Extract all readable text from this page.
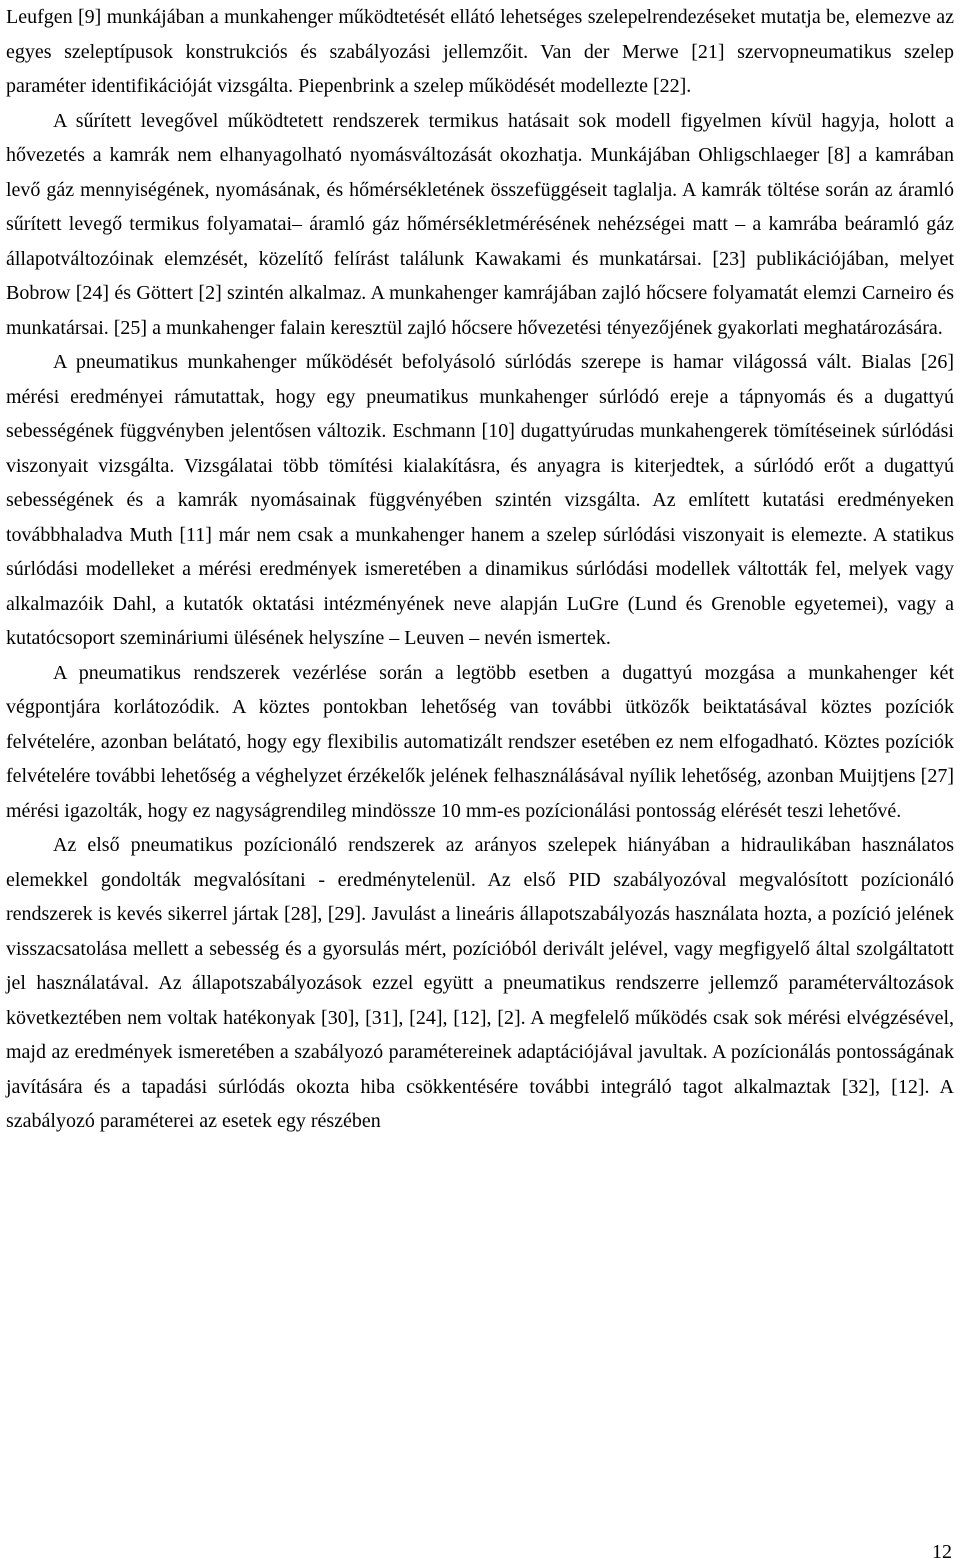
Leufgen [9] munkájában a munkahenger működtetését ellátó lehetséges szelepelrendezéseket mutatja be, elemezve az egyes szeleptípusok konstrukciós és szabályozási jellemzőit. Van der Merwe [21] szervopneumatikus szelep paraméter identifikációját vizsgálta. Piepenbrink a szelep működését modellezte [22].

A sűrített levegővel működtetett rendszerek termikus hatásait sok modell figyelmen kívül hagyja, holott a hővezetés a kamrák nem elhanyagolható nyomásváltozását okozhatja. Munkájában Ohligschlaeger [8] a kamrában levő gáz mennyiségének, nyomásának, és hőmérsékletének összefüggéseit taglalja. A kamrák töltése során az áramló sűrített levegő termikus folyamatai– áramló gáz hőmérsékletmérésének nehézségei matt – a kamrába beáramló gáz állapotváltozóinak elemzését, közelítő felírást találunk Kawakami és munkatársai. [23] publikációjában, melyet Bobrow [24] és Göttert [2] szintén alkalmaz. A munkahenger kamrájában zajló hőcsere folyamatát elemzi Carneiro és munkatársai. [25] a munkahenger falain keresztül zajló hőcsere hővezetési tényezőjének gyakorlati meghatározására.

A pneumatikus munkahenger működését befolyásoló súrlódás szerepe is hamar világossá vált. Bialas [26] mérési eredményei rámutattak, hogy egy pneumatikus munkahenger súrlódó ereje a tápnyomás és a dugattyú sebességének függvényben jelentősen változik. Eschmann [10] dugattyúrudas munkahengerek tömítéseinek súrlódási viszonyait vizsgálta. Vizsgálatai több tömítési kialakításra, és anyagra is kiterjedtek, a súrlódó erőt a dugattyú sebességének és a kamrák nyomásainak függvényében szintén vizsgálta. Az említett kutatási eredményeken továbbhaladva Muth [11] már nem csak a munkahenger hanem a szelep súrlódási viszonyait is elemezte. A statikus súrlódási modelleket a mérési eredmények ismeretében a dinamikus súrlódási modellek váltották fel, melyek vagy alkalmazóik Dahl, a kutatók oktatási intézményének neve alapján LuGre (Lund és Grenoble egyetemei), vagy a kutatócsoport szemináriumi ülésének helyszíne – Leuven – nevén ismertek.

A pneumatikus rendszerek vezérlése során a legtöbb esetben a dugattyú mozgása a munkahenger két végpontjára korlátozódik. A köztes pontokban lehetőség van további ütközők beiktatásával köztes pozíciók felvételére, azonban belátató, hogy egy flexibilis automatizált rendszer esetében ez nem elfogadható. Köztes pozíciók felvételére további lehetőség a véghelyzet érzékelők jelének felhasználásával nyílik lehetőség, azonban Muijtjens [27] mérési igazolták, hogy ez nagyságrendileg mindössze 10 mm-es pozícionálási pontosság elérését teszi lehetővé.

Az első pneumatikus pozícionáló rendszerek az arányos szelepek hiányában a hidraulikában használatos elemekkel gondolták megvalósítani - eredménytelenül. Az első PID szabályozóval megvalósított pozícionáló rendszerek is kevés sikerrel jártak [28], [29]. Javulást a lineáris állapotszabályozás használata hozta, a pozíció jelének visszacsatolása mellett a sebesség és a gyorsulás mért, pozícióból derivált jelével, vagy megfigyelő által szolgáltatott jel használatával. Az állapotszabályozások ezzel együtt a pneumatikus rendszerre jellemző paraméterváltozások következtében nem voltak hatékonyak [30], [31], [24], [12], [2]. A megfelelő működés csak sok mérési elvégzésével, majd az eredmények ismeretében a szabályozó paramétereinek adaptációjával javultak. A pozícionálás pontosságának javítására és a tapadási súrlódás okozta hiba csökkentésére további integráló tagot alkalmaztak [32], [12]. A szabályozó paraméterei az esetek egy részében

12
